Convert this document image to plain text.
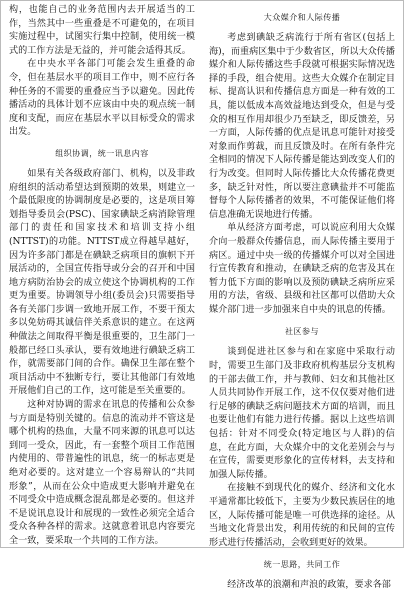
构，也能自己的业务范围内去开展适当的工作，当然其中一些重叠是不可避免的，在项目实施过程中，试图实行集中控制，使用统一模式的工作方法是无益的，并可能会适得其反。

在中央水平各部门可能会发生重叠的命令，但在基层水平的项目工作中，则不应行各种任务的不需要的重叠应当予以避免。因此传播活动的具体计划不应该由中央的观点统一制度和支配，而应在基层水平以目标受众的需求出发。

组织协调，统一讯息内容

如果有关各级政府部门、机构，以及非政府组织的活动希望达到预期的效果，则建立一个最低限度的协调制度是必要的，这是项目筹划指导委员会(PSC)、国家碘缺乏病消除管理部门的责任和国家技术和培训支持小组(NTTST)的功能。NTTST成立得越早越好，因为许多部门都是在碘缺乏病项目的旗帜下开展活动的，全国宣传指导或分会的召开和中国地方病防治协会的成立使这个协调机构的工作更为重要。协调领导小组(委员会)只需要指导各有关部门步调一致地开展工作，不要干预太多以免妨碍其诚信伴关系意识的建立。在这两种做法之间取得平衡是很重要的，卫生部门一般都已经口头承认，要有效地进行碘缺乏病工作，就需要部门间的合作。确保卫生部在整个项目活动中不独断专行，要让其他部门有效地开展他们自己的工作，这可能是至关重要的。

这种对协调的需求在讯息的传播和公众参与方面是特别关键的。信息的流动并不管这是哪个机构的热血，大量不同来源的讯息可以达到同一受众，因此，有一套整个项目工作范围内使用的、带普遍性的讯息，统一的标志更是绝对必要的。这对建立一个容易辩认的“共同形象”，从而在公众中造成更大影响并避免在不同受众中造成概念混乱都是必要的。但这并不是说讯息设计和展现的一致性必须完全适合受众各种各样的需求。这就意着讯息内容要完全一致，要采取一个共同的工作方法。

大众媒介和人际传播

考虑到碘缺乏病流行于所有省区(包括上海)，而重病区集中于少数省区，所以大众传播媒介和人际传播这些手段就可根据实际情况选择的手段，组合使用。这些大众媒介在制定目标、提高认识和传播信息方面是一种有效的工具，能以低成本高效益地达到受众，但是与受众的相互作用却很少乃至缺乏，即反馈差，另一方面，人际传播的优点是讯息可能针对接受对象而作剪裁，而且反馈及时。在所有条件完全相同的情况下人际传播是能达到改变人们的行为改变。但同时人际传播比大众传播花费更多，缺乏针对性，所以要注意碘盐并不可能监督每个人际传播者的效果，不可能保证他们将信息准确无误地进行传播。

单从经济方面考虑，可以说应利用大众媒介向一般群众传播信息，而人际传播主要用于病区。通过中央一级的传播媒介可以对全国进行宣传教育和推动，在碘缺乏病的危害及其在暂力低下方面的影响以及预防碘缺乏病所应采用的方法，省级、县级和社区都可以借助大众媒介部门进一步加强来自中央的讯息的传播。

社区参与

谈到促进社区参与和在家庭中采取行动时，需要卫生部门及非政府机构基层分支机构的干部去做工作，并与教师、妇女和其他社区人员共同协作开展工作，这不仅仅要对他们进行足够的碘缺乏病问题技术方面的培训，而且也要让他们有能力进行传播。据以上这些培训包括：针对不同受众(特定地区与人群)的信息，在此方面，大众媒介中的文化差别会与与在宣传，需要更形象化的宣传材料，去支持和加强人际传播。

在接触不到现代化的媒介、经济和文化水平通常都比较低下，主要为少数民族居住的地区，人际传播可能是唯一可供选择的途径。从当地文化背景出发，利用传统的和民间的宣传形式进行传播活动，会收到更好的效果。

统一思路，共同工作

经济改革的浪潮和声浪的政策，要求各部
